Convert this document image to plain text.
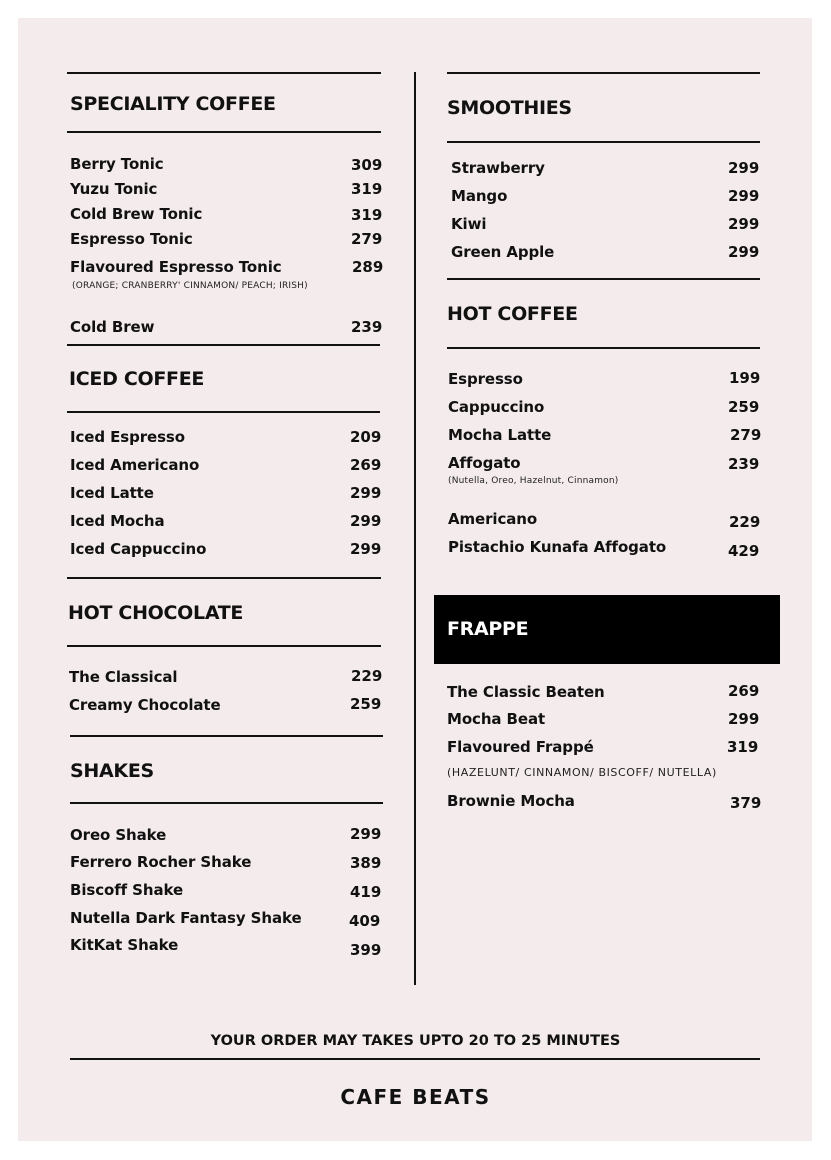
SPECIALITY COFFEE
Berry Tonic	309
Yuzu Tonic	319
Cold Brew Tonic	319
Espresso Tonic	279
Flavoured Espresso Tonic	289
(ORANGE; CRANBERRY' CINNAMON/ PEACH; IRISH)
Cold Brew	239
ICED COFFEE
Iced Espresso	209
Iced Americano	269
Iced Latte	299
Iced Mocha	299
Iced Cappuccino	299
HOT CHOCOLATE
The Classical	229
Creamy Chocolate	259
SHAKES
Oreo Shake	299
Ferrero Rocher Shake	389
Biscoff Shake	419
Nutella Dark Fantasy Shake	409
KitKat Shake	399
SMOOTHIES
Strawberry	299
Mango	299
Kiwi	299
Green Apple	299
HOT COFFEE
Espresso	199
Cappuccino	259
Mocha Latte	279
Affogato	239
(Nutella, Oreo, Hazelnut, Cinnamon)
Americano	229
Pistachio Kunafa Affogato	429
FRAPPE
The Classic Beaten	269
Mocha Beat	299
Flavoured Frappé	319
(HAZELUNT/ CINNAMON/ BISCOFF/ NUTELLA)
Brownie Mocha	379
YOUR ORDER MAY TAKES UPTO 20 TO 25 MINUTES
CAFE BEATS
